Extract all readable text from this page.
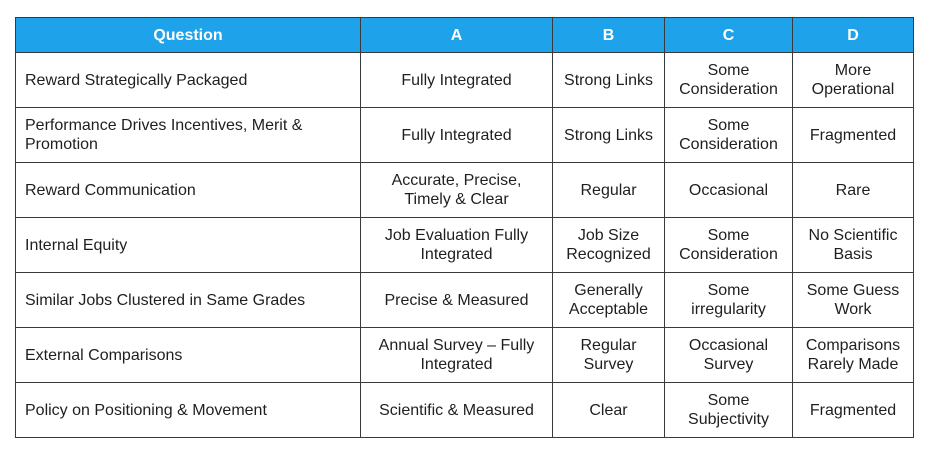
Question	A	B	C	D
Reward Strategically Packaged	Fully Integrated	Strong Links	Some Consideration	More Operational
Performance Drives Incentives, Merit & Promotion	Fully Integrated	Strong Links	Some Consideration	Fragmented
Reward Communication	Accurate, Precise, Timely & Clear	Regular	Occasional	Rare
Internal Equity	Job Evaluation Fully Integrated	Job Size Recognized	Some Consideration	No Scientific Basis
Similar Jobs Clustered in Same Grades	Precise & Measured	Generally Acceptable	Some irregularity	Some Guess Work
External Comparisons	Annual Survey – Fully Integrated	Regular Survey	Occasional Survey	Comparisons Rarely Made
Policy on Positioning & Movement	Scientific & Measured	Clear	Some Subjectivity	Fragmented
